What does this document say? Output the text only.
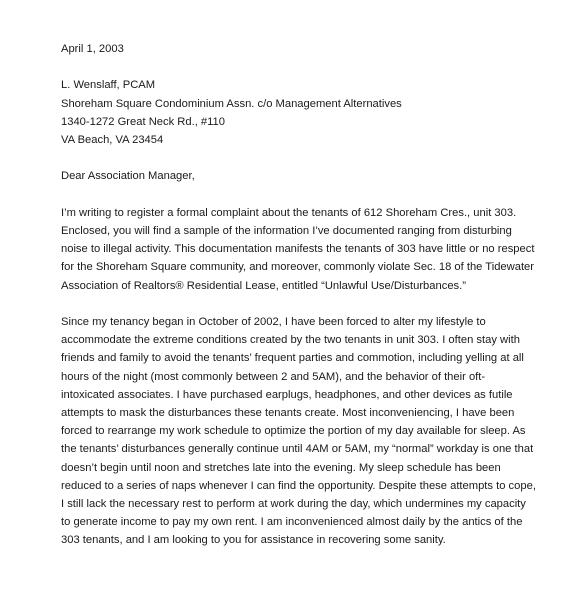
April 1, 2003
L. Wenslaff, PCAM
Shoreham Square Condominium Assn. c/o Management Alternatives
1340-1272 Great Neck Rd., #110
VA Beach, VA 23454
Dear Association Manager,
I’m writing to register a formal complaint about the tenants of 612 Shoreham Cres., unit 303.
Enclosed, you will find a sample of the information I’ve documented ranging from disturbing
noise to illegal activity. This documentation manifests the tenants of 303 have little or no respect
for the Shoreham Square community, and moreover, commonly violate Sec. 18 of the Tidewater
Association of Realtors® Residential Lease, entitled “Unlawful Use/Disturbances.”
Since my tenancy began in October of 2002, I have been forced to alter my lifestyle to
accommodate the extreme conditions created by the two tenants in unit 303. I often stay with
friends and family to avoid the tenants’ frequent parties and commotion, including yelling at all
hours of the night (most commonly between 2 and 5AM), and the behavior of their oft-
intoxicated associates. I have purchased earplugs, headphones, and other devices as futile
attempts to mask the disturbances these tenants create. Most inconveniencing, I have been
forced to rearrange my work schedule to optimize the portion of my day available for sleep. As
the tenants’ disturbances generally continue until 4AM or 5AM, my “normal” workday is one that
doesn’t begin until noon and stretches late into the evening. My sleep schedule has been
reduced to a series of naps whenever I can find the opportunity. Despite these attempts to cope,
I still lack the necessary rest to perform at work during the day, which undermines my capacity
to generate income to pay my own rent. I am inconvenienced almost daily by the antics of the
303 tenants, and I am looking to you for assistance in recovering some sanity.
